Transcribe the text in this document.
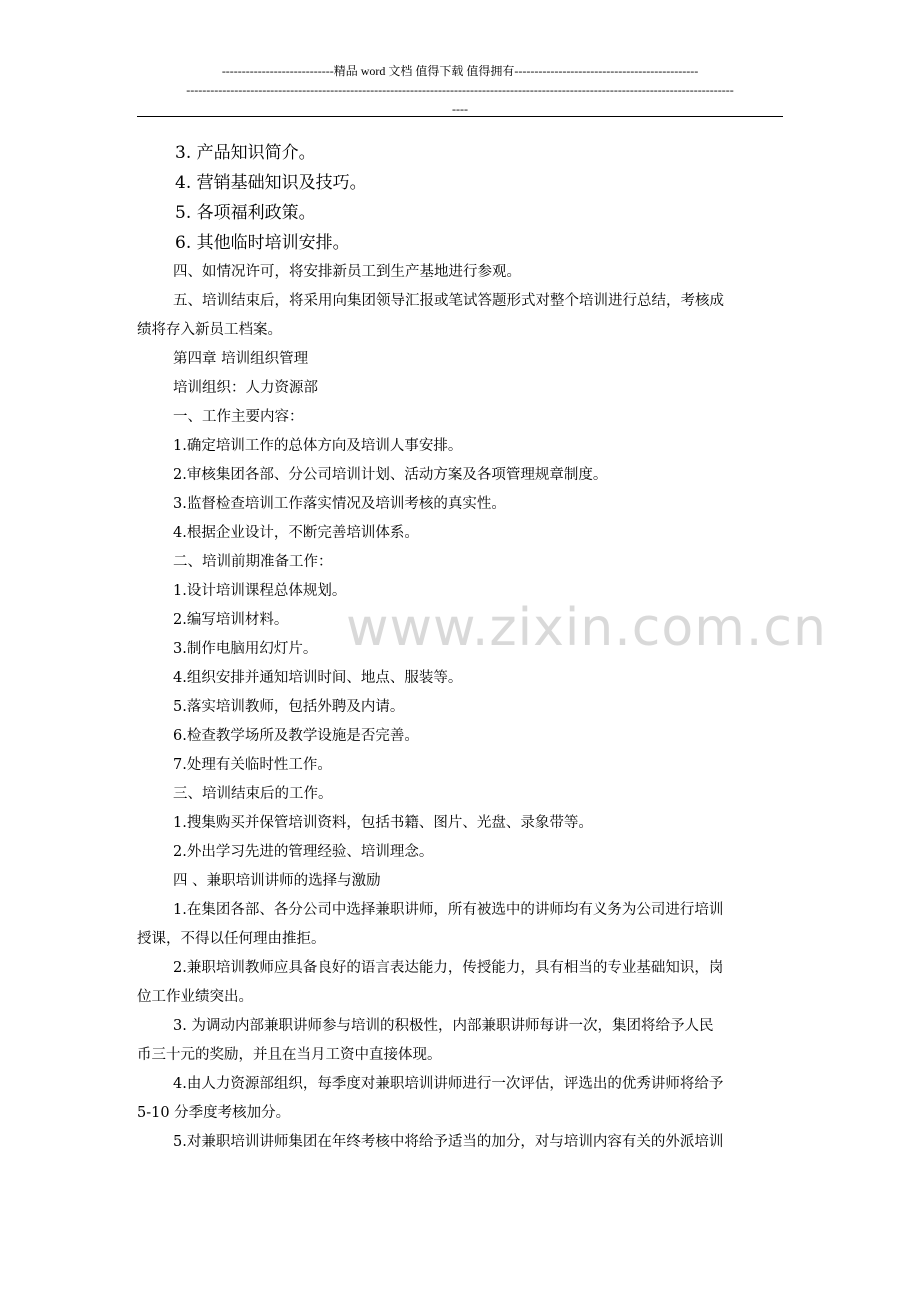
----------------------------精品 word 文档 值得下载 值得拥有----------------------------------------------
-----------------------------------------------------------------------------------------------------------------------------------------
----
www.zixin.com.cn
3. 产品知识简介。
4. 营销基础知识及技巧。
5. 各项福利政策。
6. 其他临时培训安排。
四、如情况许可，将安排新员工到生产基地进行参观。
五、培训结束后，将采用向集团领导汇报或笔试答题形式对整个培训进行总结，考核成
绩将存入新员工档案。
第四章 培训组织管理
培训组织：人力资源部
一、工作主要内容：
1.确定培训工作的总体方向及培训人事安排。
2.审核集团各部、分公司培训计划、活动方案及各项管理规章制度。
3.监督检查培训工作落实情况及培训考核的真实性。
4.根据企业设计，不断完善培训体系。
二、培训前期准备工作：
1.设计培训课程总体规划。
2.编写培训材料。
3.制作电脑用幻灯片。
4.组织安排并通知培训时间、地点、服装等。
5.落实培训教师，包括外聘及内请。
6.检查教学场所及教学设施是否完善。
7.处理有关临时性工作。
三、培训结束后的工作。
1.搜集购买并保管培训资料，包括书籍、图片、光盘、录象带等。
2.外出学习先进的管理经验、培训理念。
四 、兼职培训讲师的选择与激励
1.在集团各部、各分公司中选择兼职讲师，所有被选中的讲师均有义务为公司进行培训
授课，不得以任何理由推拒。
2.兼职培训教师应具备良好的语言表达能力，传授能力，具有相当的专业基础知识，岗
位工作业绩突出。
3. 为调动内部兼职讲师参与培训的积极性，内部兼职讲师每讲一次，集团将给予人民
币三十元的奖励，并且在当月工资中直接体现。
4.由人力资源部组织，每季度对兼职培训讲师进行一次评估，评选出的优秀讲师将给予
5-10 分季度考核加分。
5.对兼职培训讲师集团在年终考核中将给予适当的加分，对与培训内容有关的外派培训
